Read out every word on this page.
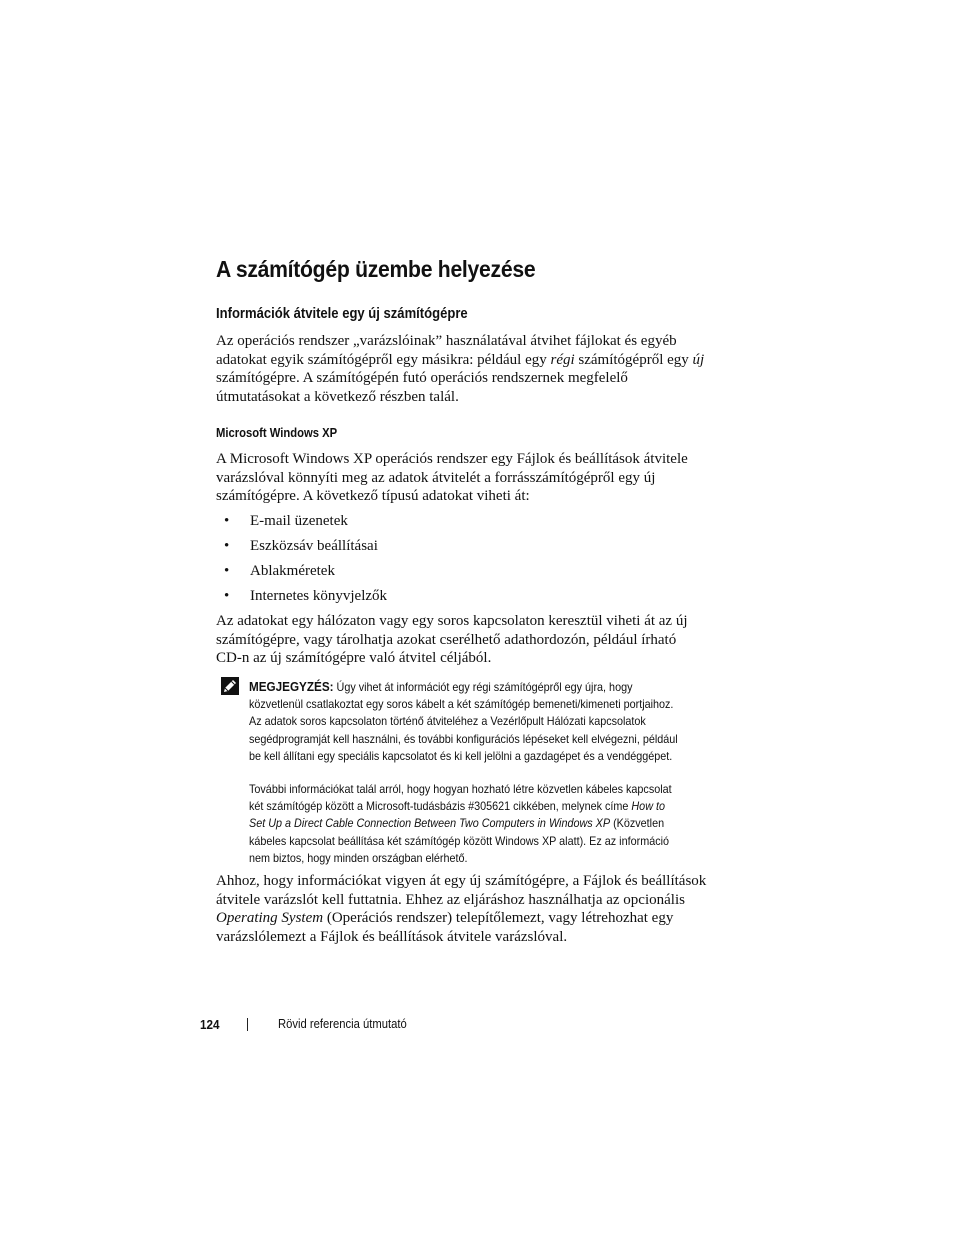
A számítógép üzembe helyezése
Információk átvitele egy új számítógépre

Az operációs rendszer „varázslóinak” használatával átvihet fájlokat és egyéb
adatokat egyik számítógépről egy másikra: például egy régi számítógépről egy új
számítógépre. A számítógépén futó operációs rendszernek megfelelő
útmutatásokat a következő részben talál.

Microsoft Windows XP

A Microsoft Windows XP operációs rendszer egy Fájlok és beállítások átvitele
varázslóval könnyíti meg az adatok átvitelét a forrásszámítógépről egy új
számítógépre. A következő típusú adatokat viheti át:

• E-mail üzenetek
• Eszközsáv beállításai
• Ablakméretek
• Internetes könyvjelzők

Az adatokat egy hálózaton vagy egy soros kapcsolaton keresztül viheti át az új
számítógépre, vagy tárolhatja azokat cserélhető adathordozón, például írható
CD-n az új számítógépre való átvitel céljából.

MEGJEGYZÉS: Úgy vihet át információt egy régi számítógépről egy újra, hogy
közvetlenül csatlakoztat egy soros kábelt a két számítógép bemeneti/kimeneti portjaihoz.
Az adatok soros kapcsolaton történő átviteléhez a Vezérlőpult Hálózati kapcsolatok
segédprogramját kell használni, és további konfigurációs lépéseket kell elvégezni, például
be kell állítani egy speciális kapcsolatot és ki kell jelölni a gazdagépet és a vendéggépet.

További információkat talál arról, hogy hogyan hozható létre közvetlen kábeles kapcsolat
két számítógép között a Microsoft-tudásbázis #305621 cikkében, melynek címe How to
Set Up a Direct Cable Connection Between Two Computers in Windows XP (Közvetlen
kábeles kapcsolat beállítása két számítógép között Windows XP alatt). Ez az információ
nem biztos, hogy minden országban elérhető.

Ahhoz, hogy információkat vigyen át egy új számítógépre, a Fájlok és beállítások
átvitele varázslót kell futtatnia. Ehhez az eljáráshoz használhatja az opcionális
Operating System (Operációs rendszer) telepítőlemezt, vagy létrehozhat egy
varázslólemezt a Fájlok és beállítások átvitele varázslóval.

124	Rövid referencia útmutató
